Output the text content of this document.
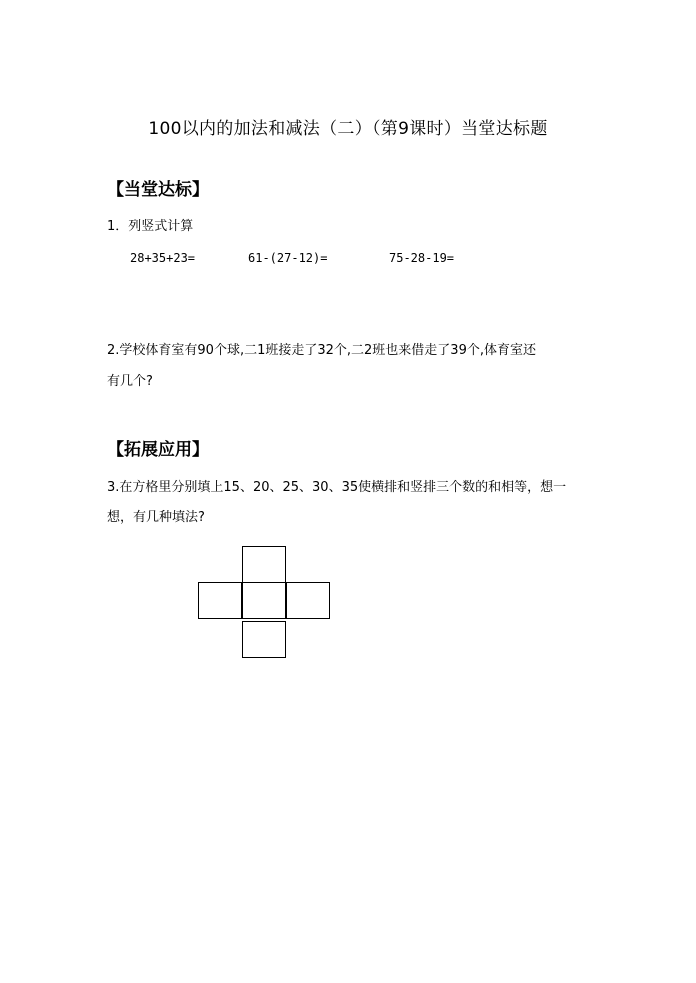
100以内的加法和减法（二）（第9课时）当堂达标题
【当堂达标】
1．列竖式计算
28+35+23=	61-(27-12)=	75-28-19=
2.学校体育室有90个球,二1班接走了32个,二2班也来借走了39个,体育室还
有几个?
【拓展应用】
3.在方格里分别填上15、20、25、30、35使横排和竖排三个数的和相等，想一
想，有几种填法?
